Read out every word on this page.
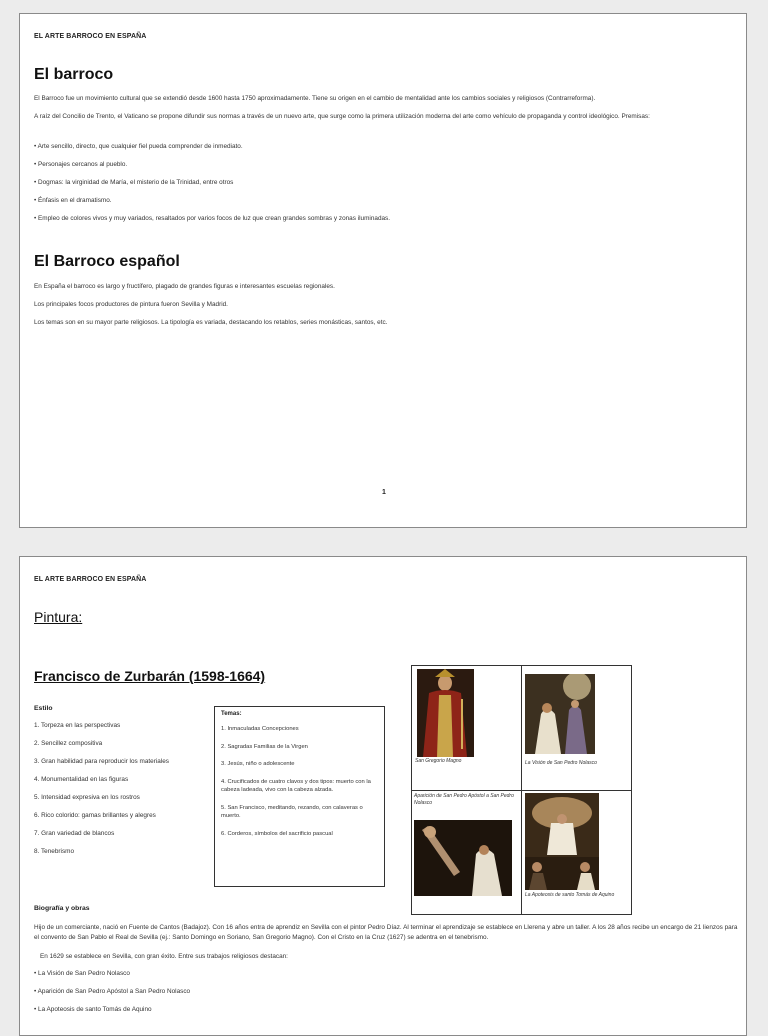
EL ARTE BARROCO EN ESPAÑA
El barroco

El Barroco fue un movimiento cultural que se extendió desde 1600 hasta 1750 aproximadamente. Tiene su origen en el cambio de mentalidad ante los cambios sociales y religiosos (Contrarreforma).

A raíz del Concilio de Trento, el Vaticano se propone difundir sus normas a través de un nuevo arte, que surge como la primera utilización moderna del arte como vehículo de propaganda y control ideológico. Premisas:

• Arte sencillo, directo, que cualquier fiel pueda comprender de inmediato.

• Personajes cercanos al pueblo.

• Dogmas: la virginidad de María, el misterio de la Trinidad, entre otros

• Énfasis en el dramatismo.

• Empleo de colores vivos y muy variados, resaltados por varios focos de luz que crean grandes sombras y zonas iluminadas.

El Barroco español

En España el barroco es largo y fructífero, plagado de grandes figuras e interesantes escuelas regionales.

Los principales focos productores de pintura fueron Sevilla y Madrid.

Los temas son en su mayor parte religiosos. La tipología es variada, destacando los retablos, series monásticas, santos, etc.

1
EL ARTE BARROCO EN ESPAÑA
Pintura:
Francisco de Zurbarán (1598-1664)
Estilo
1. Torpeza en las perspectivas
2. Sencillez compositiva
3. Gran habilidad para reproducir los materiales
4. Monumentalidad en las figuras
5. Intensidad expresiva en los rostros
6. Rico colorido: gamas brillantes y alegres
7. Gran variedad de blancos
8. Tenebrismo
Temas:
1. Inmaculadas Concepciones
2. Sagradas Familias de la Virgen
3. Jesús, niño o adolescente
4. Crucificados de cuatro clavos y dos tipos: muerto con la cabeza ladeada, vivo con la cabeza alzada.
5. San Francisco, meditando, rezando, con calaveras o muerto.
6. Corderos, símbolos del sacrificio pascual
San Gregorio Magno	La Visión de San Pedro Nolasco
Aparición de San Pedro Apóstol a San Pedro Nolasco
La Apoteosis de santo Tomás de Aquino
Biografía y obras

Hijo de un comerciante, nació en Fuente de Cantos (Badajoz). Con 16 años entra de aprendiz en Sevilla con el pintor Pedro Díaz. Al terminar el aprendizaje se establece en Llerena y abre un taller. A los 28 años recibe un encargo de 21 lienzos para el convento de San Pablo el Real de Sevilla (ej.: Santo Domingo en Soriano, San Gregorio Magno). Con el Cristo en la Cruz (1627) se adentra en el tenebrismo.

En 1629 se establece en Sevilla, con gran éxito. Entre sus trabajos religiosos destacan:

• La Visión de San Pedro Nolasco
• Aparición de San Pedro Apóstol a San Pedro Nolasco
• La Apoteosis de santo Tomás de Aquino
